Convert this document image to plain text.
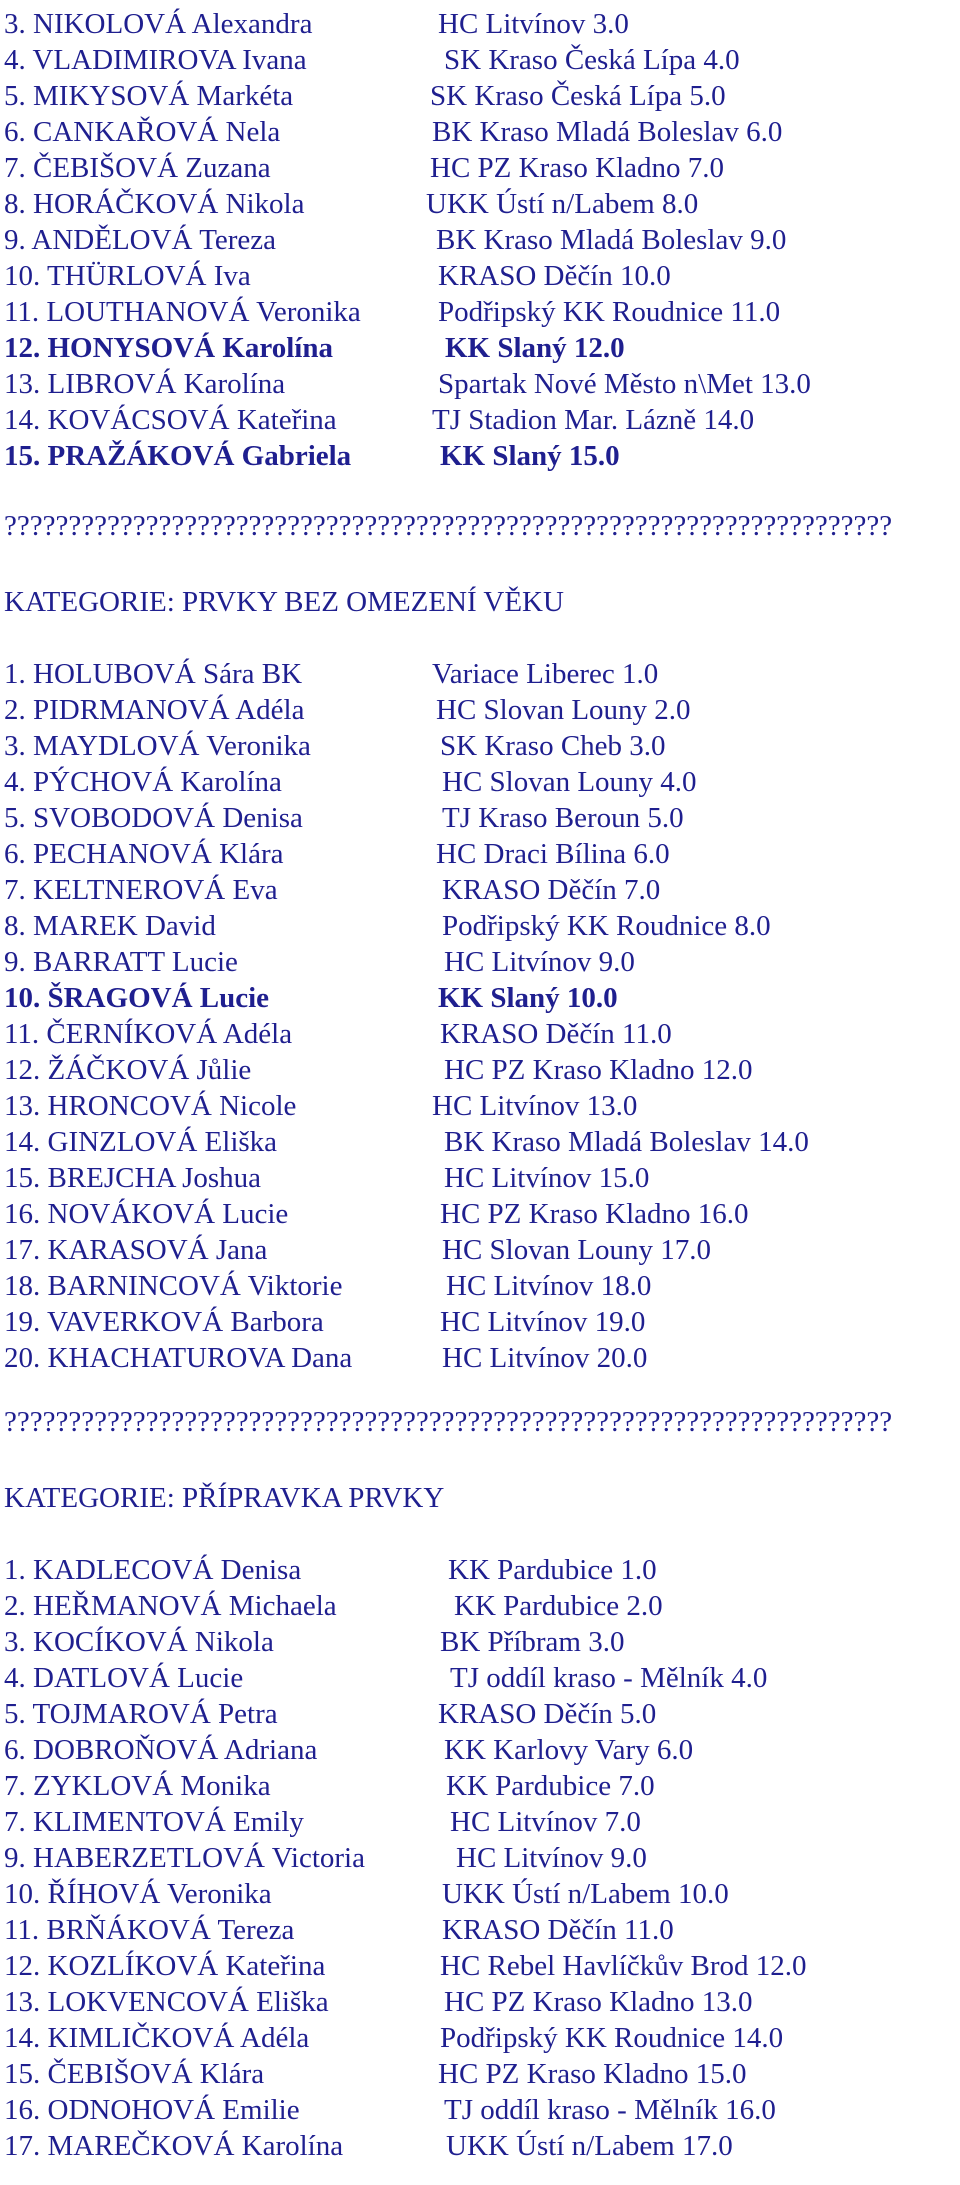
3. NIKOLOVÁ Alexandra	HC Litvínov 3.0
4. VLADIMIROVA Ivana	SK Kraso Česká Lípa 4.0
5. MIKYSOVÁ Markéta	SK Kraso Česká Lípa 5.0
6. CANKAŘOVÁ Nela	BK Kraso Mladá Boleslav 6.0
7. ČEBIŠOVÁ Zuzana	HC PZ Kraso Kladno 7.0
8. HORÁČKOVÁ Nikola	UKK Ústí n/Labem 8.0
9. ANDĚLOVÁ Tereza	BK Kraso Mladá Boleslav 9.0
10. THÜRLOVÁ Iva	KRASO Děčín 10.0
11. LOUTHANOVÁ Veronika	Podřipský KK Roudnice 11.0
12. HONYSOVÁ Karolína	KK Slaný 12.0
13. LIBROVÁ Karolína	Spartak Nové Město n\Met 13.0
14. KOVÁCSOVÁ Kateřina	TJ Stadion Mar. Lázně 14.0
15. PRAŽÁKOVÁ Gabriela	KK Slaný 15.0
?????????????????????????????????????????????????????????????????????
KATEGORIE: PRVKY BEZ OMEZENÍ VĚKU
1. HOLUBOVÁ Sára BK	Variace Liberec 1.0
2. PIDRMANOVÁ Adéla	HC Slovan Louny 2.0
3. MAYDLOVÁ Veronika	SK Kraso Cheb 3.0
4. PÝCHOVÁ Karolína	HC Slovan Louny 4.0
5. SVOBODOVÁ Denisa	TJ Kraso Beroun 5.0
6. PECHANOVÁ Klára	HC Draci Bílina 6.0
7. KELTNEROVÁ Eva	KRASO Děčín 7.0
8. MAREK David	Podřipský KK Roudnice 8.0
9. BARRATT Lucie	HC Litvínov 9.0
10. ŠRAGOVÁ Lucie	KK Slaný 10.0
11. ČERNÍKOVÁ Adéla	KRASO Děčín 11.0
12. ŽÁČKOVÁ Jůlie	HC PZ Kraso Kladno 12.0
13. HRONCOVÁ Nicole	HC Litvínov 13.0
14. GINZLOVÁ Eliška	BK Kraso Mladá Boleslav 14.0
15. BREJCHA Joshua	HC Litvínov 15.0
16. NOVÁKOVÁ Lucie	HC PZ Kraso Kladno 16.0
17. KARASOVÁ Jana	HC Slovan Louny 17.0
18. BARNINCOVÁ Viktorie	HC Litvínov 18.0
19. VAVERKOVÁ Barbora	HC Litvínov 19.0
20. KHACHATUROVA Dana	HC Litvínov 20.0
?????????????????????????????????????????????????????????????????????
KATEGORIE: PŘÍPRAVKA PRVKY
1. KADLECOVÁ Denisa	KK Pardubice 1.0
2. HEŘMANOVÁ Michaela	KK Pardubice 2.0
3. KOCÍKOVÁ Nikola	BK Příbram 3.0
4. DATLOVÁ Lucie	TJ oddíl kraso - Mělník 4.0
5. TOJMAROVÁ Petra	KRASO Děčín 5.0
6. DOBROŇOVÁ Adriana	KK Karlovy Vary 6.0
7. ZYKLOVÁ Monika	KK Pardubice 7.0
7. KLIMENTOVÁ Emily	HC Litvínov 7.0
9. HABERZETLOVÁ Victoria	HC Litvínov 9.0
10. ŘÍHOVÁ Veronika	UKK Ústí n/Labem 10.0
11. BRŇÁKOVÁ Tereza	KRASO Děčín 11.0
12. KOZLÍKOVÁ Kateřina	HC Rebel Havlíčkův Brod 12.0
13. LOKVENCOVÁ Eliška	HC PZ Kraso Kladno 13.0
14. KIMLIČKOVÁ Adéla	Podřipský KK Roudnice 14.0
15. ČEBIŠOVÁ Klára	HC PZ Kraso Kladno 15.0
16. ODNOHOVÁ Emilie	TJ oddíl kraso - Mělník 16.0
17. MAREČKOVÁ Karolína	UKK Ústí n/Labem 17.0
